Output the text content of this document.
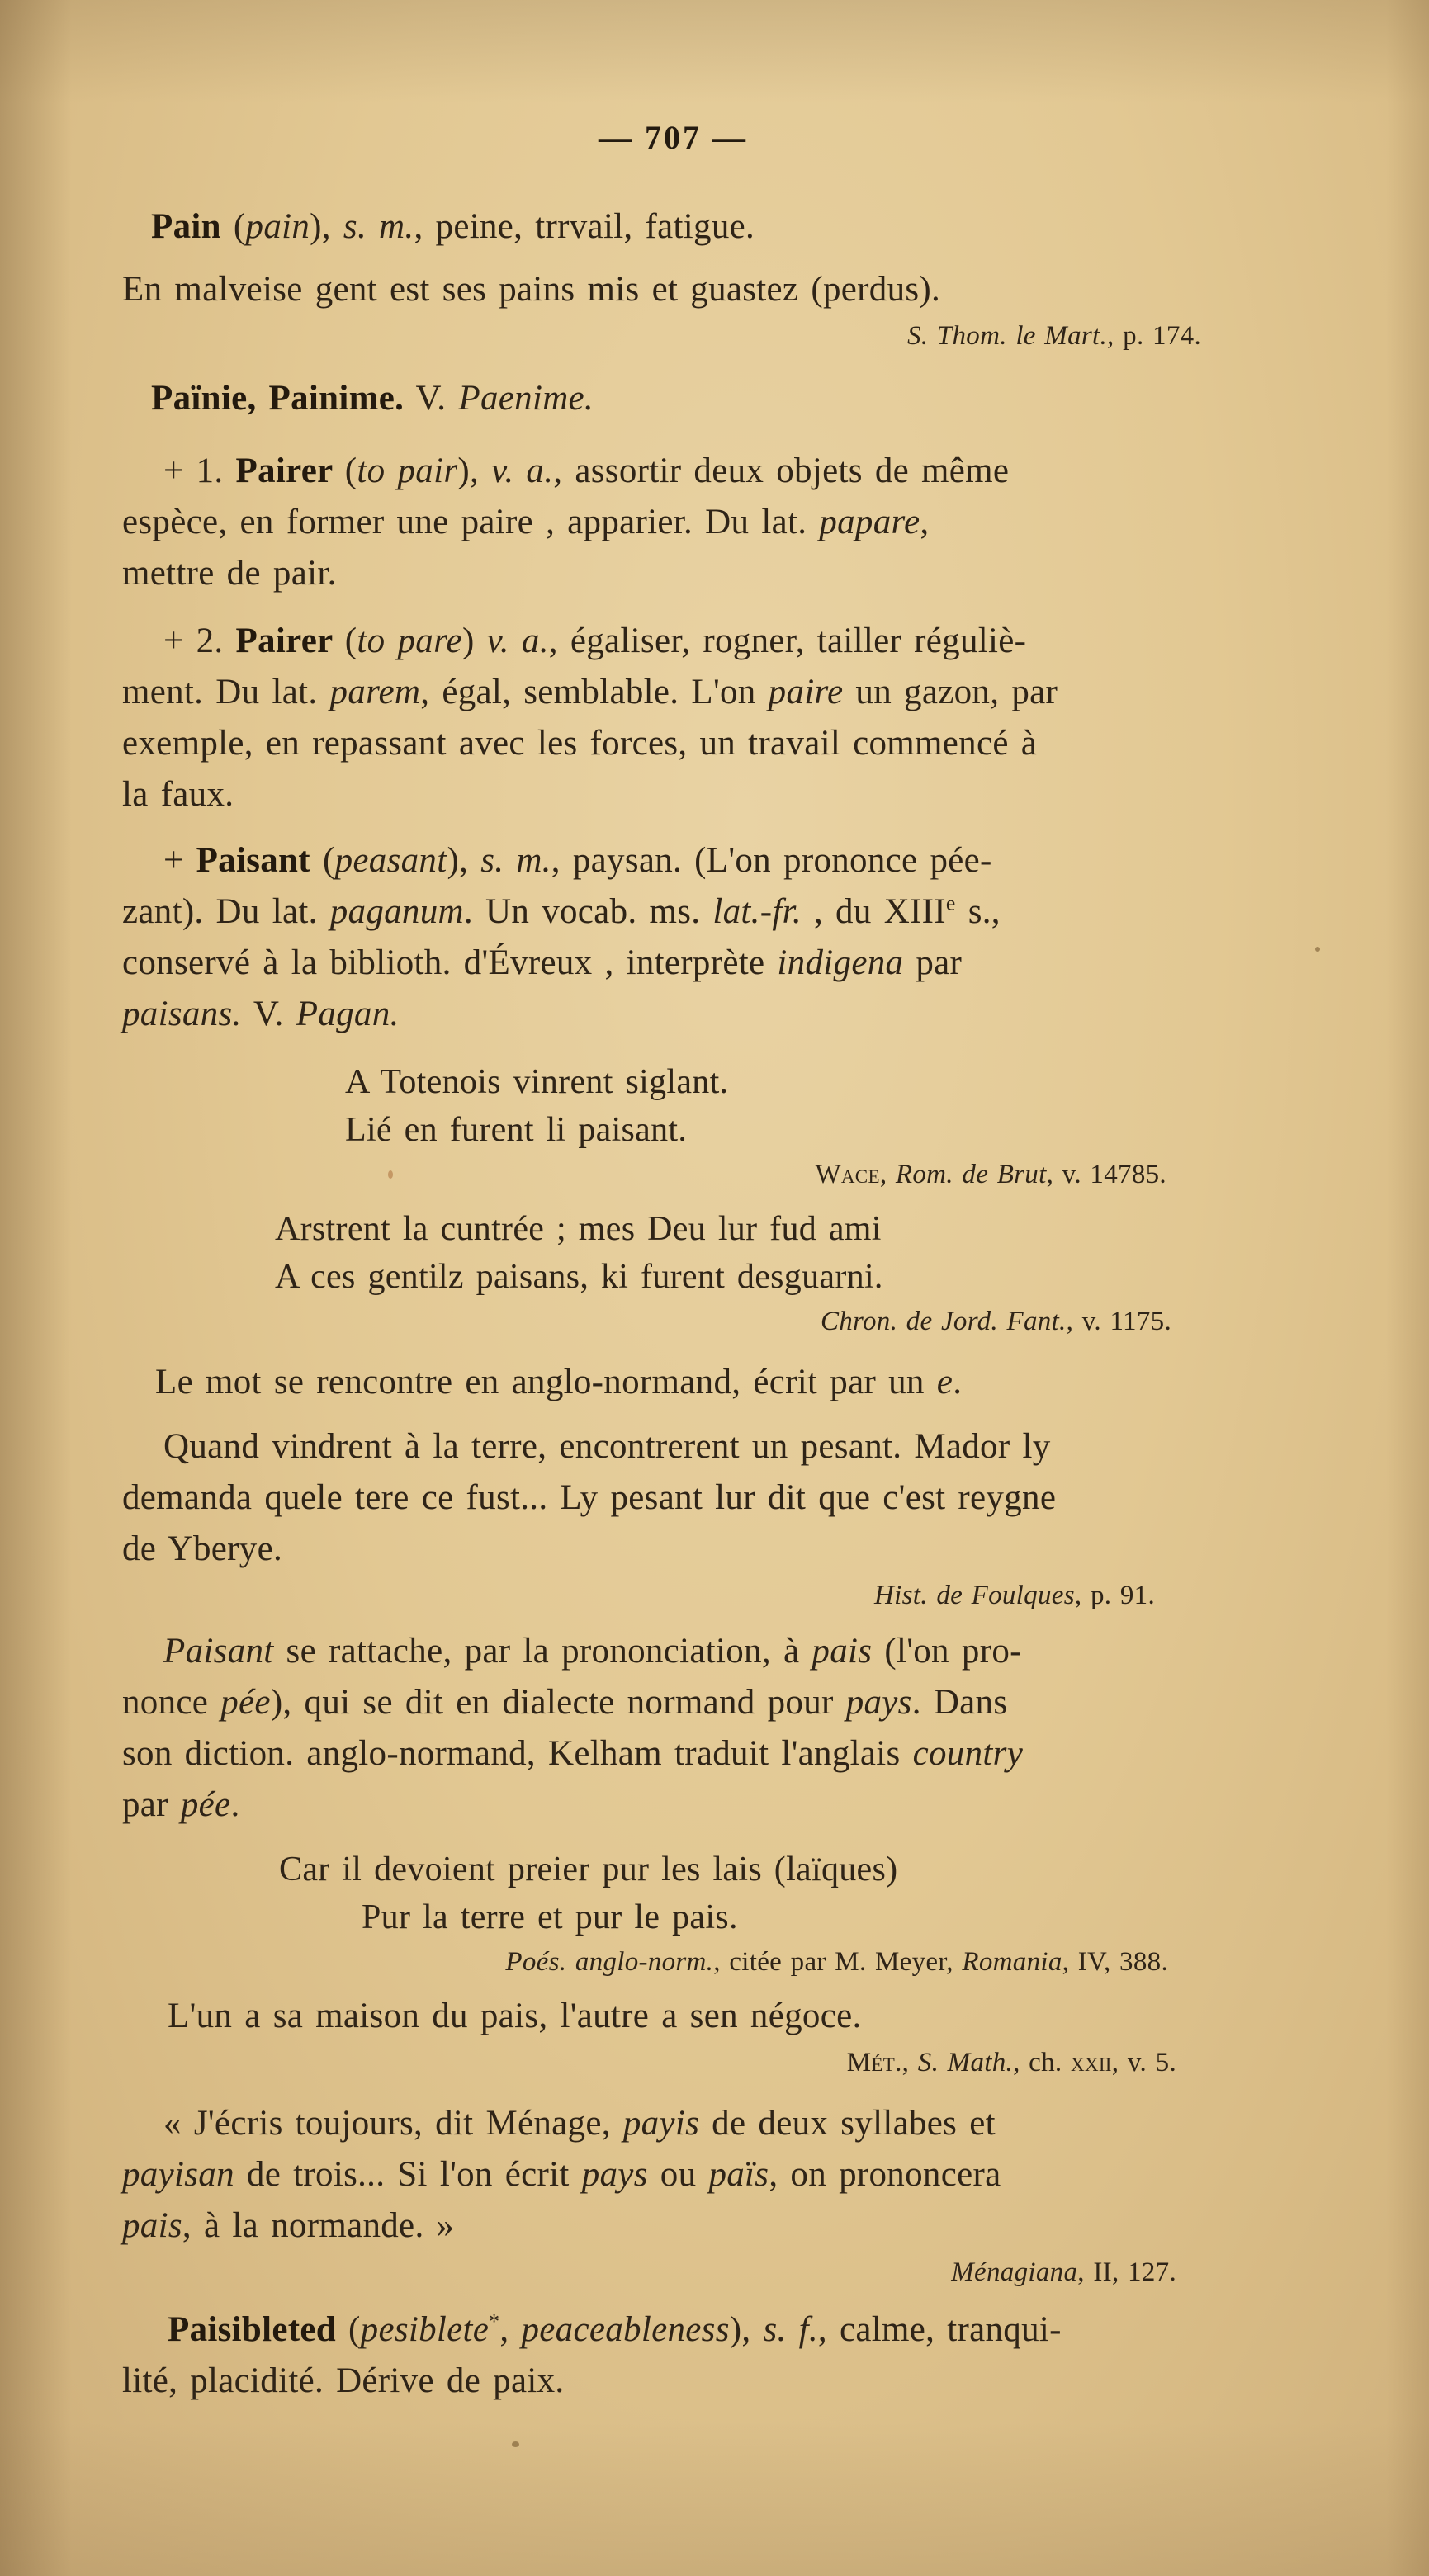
— 707 —
Pain (pain), s. m., peine, trrvail, fatigue.
En malveise gent est ses pains mis et guastez (perdus).
S. Thom. le Mart., p. 174.
Païnie, Painime. V. Paenime.
+ 1. Pairer (to pair), v. a., assortir deux objets de même
espèce, en former une paire , apparier. Du lat. papare,
mettre de pair.
+ 2. Pairer (to pare) v. a., égaliser, rogner, tailler réguliè-
ment. Du lat. parem, égal, semblable. L'on paire un gazon, par
exemple, en repassant avec les forces, un travail commencé à
la faux.
+ Paisant (peasant), s. m., paysan. (L'on prononce pée-
zant). Du lat. paganum. Un vocab. ms. lat.-fr. , du XIIIe s.,
conservé à la biblioth. d'Évreux , interprète indigena par
paisans. V. Pagan.
A Totenois vinrent siglant.
Lié en furent li paisant.
Wace, Rom. de Brut, v. 14785.
Arstrent la cuntrée ; mes Deu lur fud ami
A ces gentilz paisans, ki furent desguarni.
Chron. de Jord. Fant., v. 1175.
Le mot se rencontre en anglo-normand, écrit par un e.
Quand vindrent à la terre, encontrerent un pesant. Mador ly
demanda quele tere ce fust... Ly pesant lur dit que c'est reygne
de Yberye.
Hist. de Foulques, p. 91.
Paisant se rattache, par la prononciation, à pais (l'on pro-
nonce pée), qui se dit en dialecte normand pour pays. Dans
son diction. anglo-normand, Kelham traduit l'anglais country
par pée.
Car il devoient preier pur les lais (laïques)
Pur la terre et pur le pais.
Poés. anglo-norm., citée par M. Meyer, Romania, IV, 388.
L'un a sa maison du pais, l'autre a sen négoce.
Mét., S. Math., ch. xxii, v. 5.
« J'écris toujours, dit Ménage, payis de deux syllabes et
payisan de trois... Si l'on écrit pays ou païs, on prononcera
pais, à la normande. »
Ménagiana, II, 127.
Paisibleted (pesiblete*, peaceableness), s. f., calme, tranqui-
lité, placidité. Dérive de paix.
